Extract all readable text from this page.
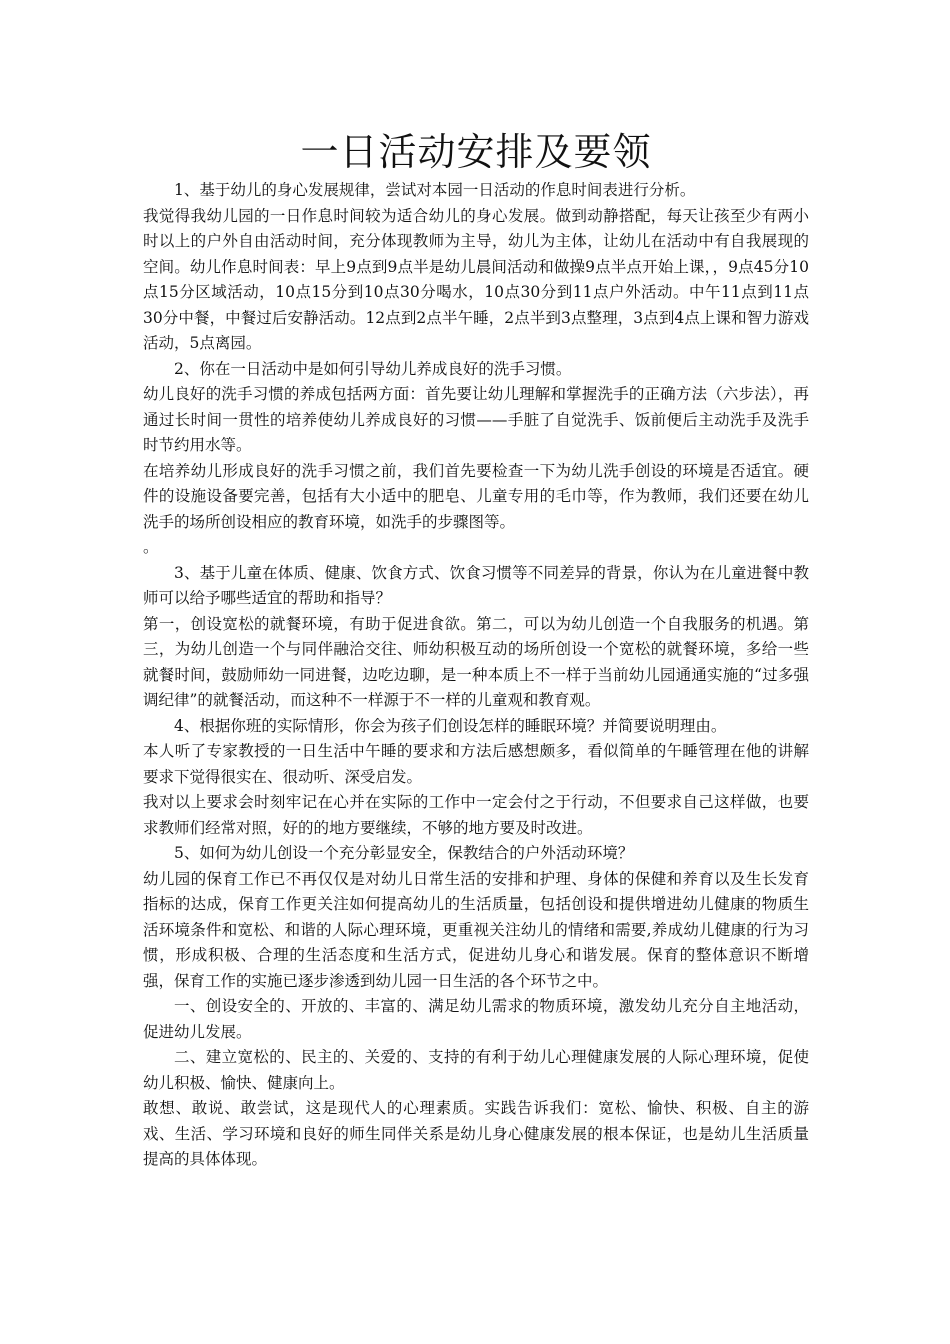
一日活动安排及要领

1、基于幼儿的身心发展规律，尝试对本园一日活动的作息时间表进行分析。

我觉得我幼儿园的一日作息时间较为适合幼儿的身心发展。做到动静搭配，每天让孩至少有两小时以上的户外自由活动时间，充分体现教师为主导，幼儿为主体，让幼儿在活动中有自我展现的空间。幼儿作息时间表：早上9点到9点半是幼儿晨间活动和做操9点半点开始上课，，9点45分10点15分区域活动，10点15分到10点30分喝水，10点30分到11点户外活动。中午11点到11点30分中餐，中餐过后安静活动。12点到2点半午睡，2点半到3点整理，3点到4点上课和智力游戏活动，5点离园。

2、你在一日活动中是如何引导幼儿养成良好的洗手习惯。

幼儿良好的洗手习惯的养成包括两方面：首先要让幼儿理解和掌握洗手的正确方法（六步法），再通过长时间一贯性的培养使幼儿养成良好的习惯——手脏了自觉洗手、饭前便后主动洗手及洗手时节约用水等。

在培养幼儿形成良好的洗手习惯之前，我们首先要检查一下为幼儿洗手创设的环境是否适宜。硬件的设施设备要完善，包括有大小适中的肥皂、儿童专用的毛巾等，作为教师，我们还要在幼儿洗手的场所创设相应的教育环境，如洗手的步骤图等。

。

3、基于儿童在体质、健康、饮食方式、饮食习惯等不同差异的背景，你认为在儿童进餐中教师可以给予哪些适宜的帮助和指导？

第一，创设宽松的就餐环境，有助于促进食欲。第二，可以为幼儿创造一个自我服务的机遇。第三，为幼儿创造一个与同伴融洽交往、师幼积极互动的场所创设一个宽松的就餐环境，多给一些就餐时间，鼓励师幼一同进餐，边吃边聊，是一种本质上不一样于当前幼儿园通通实施的“过多强调纪律”的就餐活动，而这种不一样源于不一样的儿童观和教育观。

4、根据你班的实际情形，你会为孩子们创设怎样的睡眠环境？并简要说明理由。

本人听了专家教授的一日生活中午睡的要求和方法后感想颇多，看似简单的午睡管理在他的讲解要求下觉得很实在、很动听、深受启发。

我对以上要求会时刻牢记在心并在实际的工作中一定会付之于行动，不但要求自己这样做，也要求教师们经常对照，好的的地方要继续，不够的地方要及时改进。

5、如何为幼儿创设一个充分彰显安全，保教结合的户外活动环境？

幼儿园的保育工作已不再仅仅是对幼儿日常生活的安排和护理、身体的保健和养育以及生长发育指标的达成，保育工作更关注如何提高幼儿的生活质量，包括创设和提供增进幼儿健康的物质生活环境条件和宽松、和谐的人际心理环境，更重视关注幼儿的情绪和需要,养成幼儿健康的行为习惯，形成积极、合理的生活态度和生活方式，促进幼儿身心和谐发展。保育的整体意识不断增强，保育工作的实施已逐步渗透到幼儿园一日生活的各个环节之中。

一、创设安全的、开放的、丰富的、满足幼儿需求的物质环境，激发幼儿充分自主地活动，促进幼儿发展。

二、建立宽松的、民主的、关爱的、支持的有利于幼儿心理健康发展的人际心理环境，促使幼儿积极、愉快、健康向上。

敢想、敢说、敢尝试，这是现代人的心理素质。实践告诉我们：宽松、愉快、积极、自主的游戏、生活、学习环境和良好的师生同伴关系是幼儿身心健康发展的根本保证，也是幼儿生活质量提高的具体体现。
